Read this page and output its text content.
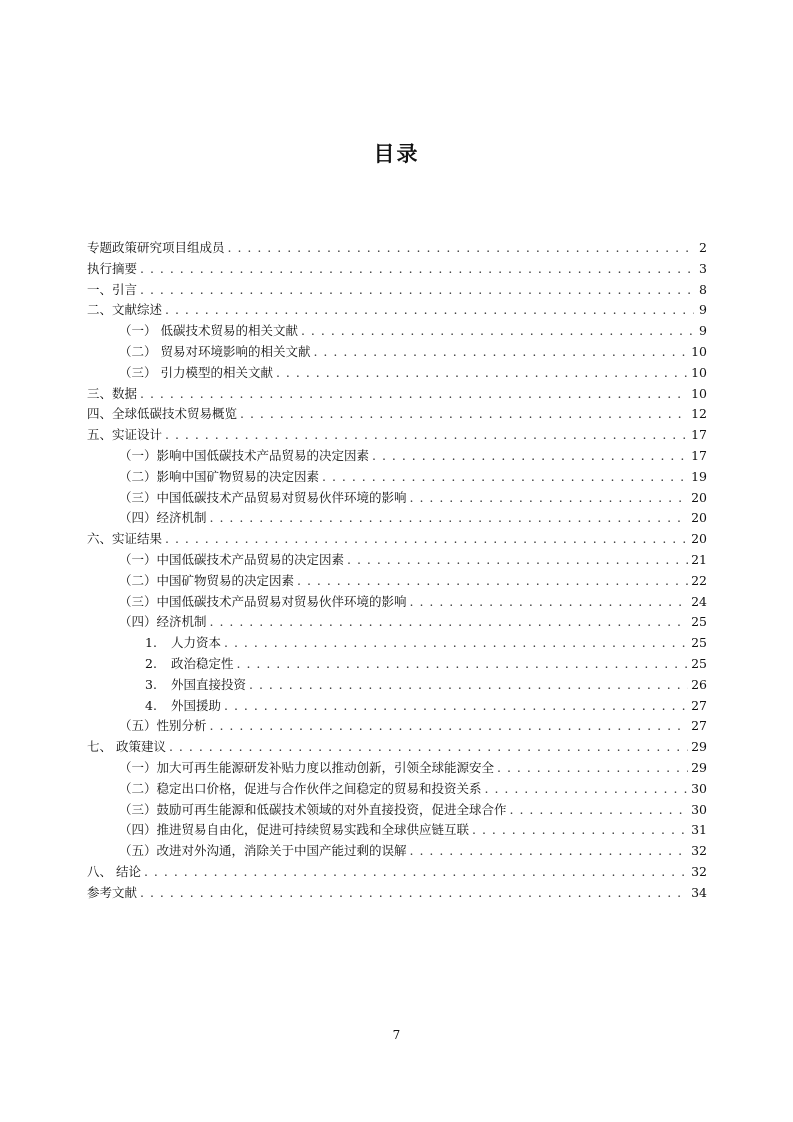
目录
专题政策研究项目组成员 . . .	2
执行摘要 . . .	3
一、引言 . . .	8
二、文献综述 . . .	9
（一） 低碳技术贸易的相关文献 . . .	9
（二） 贸易对环境影响的相关文献 . . .	10
（三） 引力模型的相关文献 . . .	10
三、数据 . . .	10
四、全球低碳技术贸易概览 . . .	12
五、实证设计 . . .	17
（一）影响中国低碳技术产品贸易的决定因素 . . .	17
（二）影响中国矿物贸易的决定因素 . . .	19
（三）中国低碳技术产品贸易对贸易伙伴环境的影响 . . .	20
（四）经济机制 . . .	20
六、实证结果 . . .	20
（一）中国低碳技术产品贸易的决定因素 . . .	21
（二）中国矿物贸易的决定因素 . . .	22
（三）中国低碳技术产品贸易对贸易伙伴环境的影响 . . .	24
（四）经济机制 . . .	25
1. 人力资本 . . .	25
2. 政治稳定性 . . .	25
3. 外国直接投资 . . .	26
4. 外国援助 . . .	27
（五）性别分析 . . .	27
七、 政策建议 . . .	29
（一）加大可再生能源研发补贴力度以推动创新，引领全球能源安全 . . .	29
（二）稳定出口价格，促进与合作伙伴之间稳定的贸易和投资关系 . . .	30
（三）鼓励可再生能源和低碳技术领域的对外直接投资，促进全球合作 . . .	30
（四）推进贸易自由化，促进可持续贸易实践和全球供应链互联 . . .	31
（五）改进对外沟通，消除关于中国产能过剩的误解 . . .	32
八、 结论 . . .	32
参考文献 . . .	34
7
